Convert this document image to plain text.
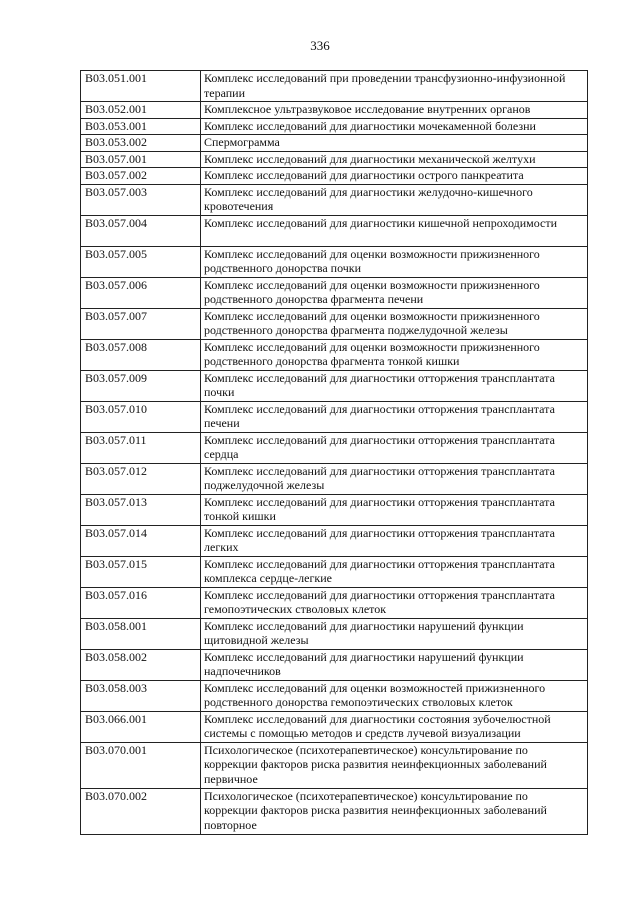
336
B03.051.001	Комплекс исследований при проведении трансфузионно-инфузионной терапии
B03.052.001	Комплексное ультразвуковое исследование внутренних органов
B03.053.001	Комплекс исследований для диагностики мочекаменной болезни
B03.053.002	Спермограмма
B03.057.001	Комплекс исследований для диагностики механической желтухи
B03.057.002	Комплекс исследований для диагностики острого панкреатита
B03.057.003	Комплекс исследований для диагностики желудочно-кишечного кровотечения
B03.057.004	Комплекс исследований для диагностики кишечной непроходимости
B03.057.005	Комплекс исследований для оценки возможности прижизненного родственного донорства почки
B03.057.006	Комплекс исследований для оценки возможности прижизненного родственного донорства фрагмента печени
B03.057.007	Комплекс исследований для оценки возможности прижизненного родственного донорства фрагмента поджелудочной железы
B03.057.008	Комплекс исследований для оценки возможности прижизненного родственного донорства фрагмента тонкой кишки
B03.057.009	Комплекс исследований для диагностики отторжения трансплантата почки
B03.057.010	Комплекс исследований для диагностики отторжения трансплантата печени
B03.057.011	Комплекс исследований для диагностики отторжения трансплантата сердца
B03.057.012	Комплекс исследований для диагностики отторжения трансплантата поджелудочной железы
B03.057.013	Комплекс исследований для диагностики отторжения трансплантата тонкой кишки
B03.057.014	Комплекс исследований для диагностики отторжения трансплантата легких
B03.057.015	Комплекс исследований для диагностики отторжения трансплантата комплекса сердце-легкие
B03.057.016	Комплекс исследований для диагностики отторжения трансплантата гемопоэтических стволовых клеток
B03.058.001	Комплекс исследований для диагностики нарушений функции щитовидной железы
B03.058.002	Комплекс исследований для диагностики нарушений функции надпочечников
B03.058.003	Комплекс исследований для оценки возможностей прижизненного родственного донорства гемопоэтических стволовых клеток
B03.066.001	Комплекс исследований для диагностики состояния зубочелюстной системы с помощью методов и средств лучевой визуализации
B03.070.001	Психологическое (психотерапевтическое) консультирование по коррекции факторов риска развития неинфекционных заболеваний первичное
B03.070.002	Психологическое (психотерапевтическое) консультирование по коррекции факторов риска развития неинфекционных заболеваний повторное
